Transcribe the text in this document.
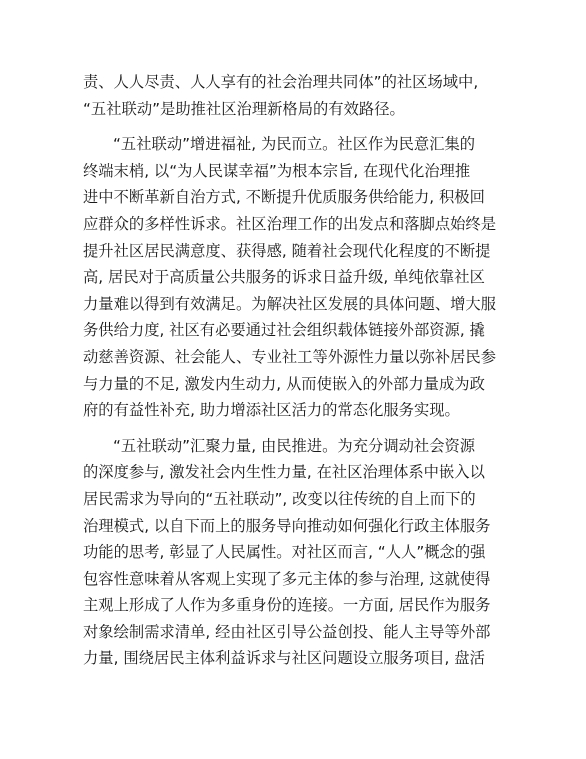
责、人人尽责、人人享有的社会治理共同体”的社区场域中,
“五社联动”是助推社区治理新格局的有效路径。
“五社联动”增进福祉, 为民而立。社区作为民意汇集的
终端末梢, 以“为人民谋幸福”为根本宗旨, 在现代化治理推
进中不断革新自治方式, 不断提升优质服务供给能力, 积极回
应群众的多样性诉求。社区治理工作的出发点和落脚点始终是
提升社区居民满意度、获得感, 随着社会现代化程度的不断提
高, 居民对于高质量公共服务的诉求日益升级, 单纯依靠社区
力量难以得到有效满足。为解决社区发展的具体问题、增大服
务供给力度, 社区有必要通过社会组织载体链接外部资源, 撬
动慈善资源、社会能人、专业社工等外源性力量以弥补居民参
与力量的不足, 激发内生动力, 从而使嵌入的外部力量成为政
府的有益性补充, 助力增添社区活力的常态化服务实现。
“五社联动”汇聚力量, 由民推进。为充分调动社会资源
的深度参与, 激发社会内生性力量, 在社区治理体系中嵌入以
居民需求为导向的“五社联动”, 改变以往传统的自上而下的
治理模式, 以自下而上的服务导向推动如何强化行政主体服务
功能的思考, 彰显了人民属性。对社区而言, “人人”概念的强
包容性意味着从客观上实现了多元主体的参与治理, 这就使得
主观上形成了人作为多重身份的连接。一方面, 居民作为服务
对象绘制需求清单, 经由社区引导公益创投、能人主导等外部
力量, 围绕居民主体利益诉求与社区问题设立服务项目, 盘活
